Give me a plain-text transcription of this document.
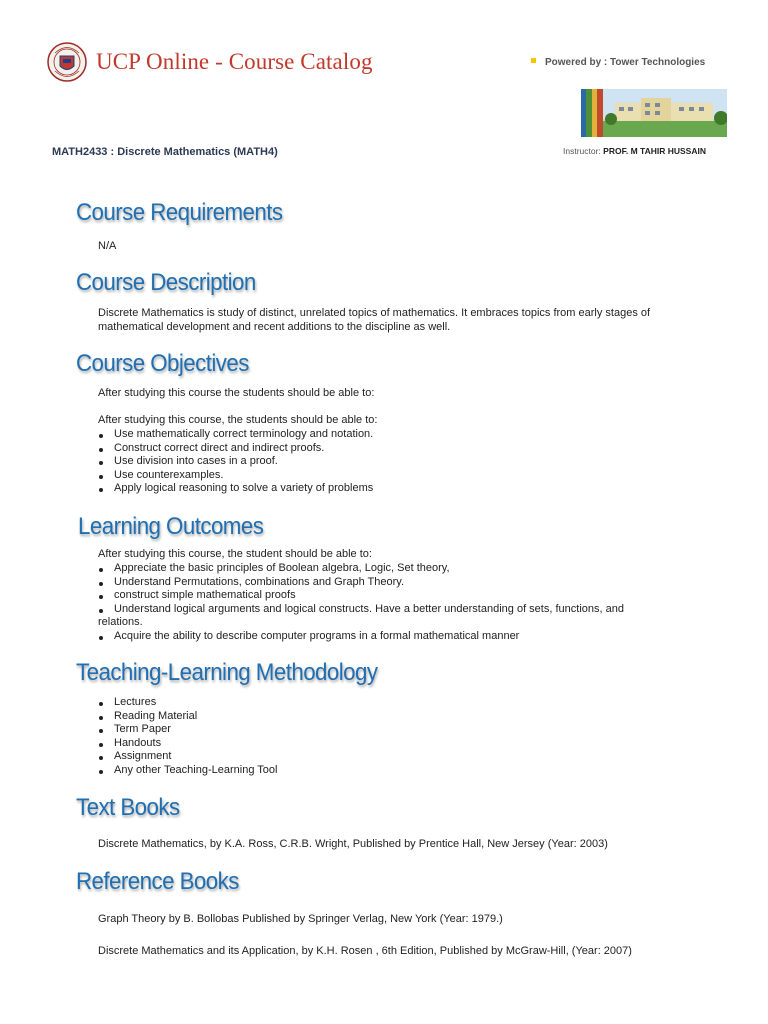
UCP Online - Course Catalog	Powered by : Tower Technologies
MATH2433 : Discrete Mathematics (MATH4)	Instructor: PROF. M TAHIR HUSSAIN
Course Requirements
N/A
Course Description
Discrete Mathematics is study of distinct, unrelated topics of mathematics. It embraces topics from early stages of mathematical development and recent additions to the discipline as well.
Course Objectives
After studying this course the students should be able to:
After studying this course, the students should be able to:
Use mathematically correct terminology and notation.
Construct correct direct and indirect proofs.
Use division into cases in a proof.
Use counterexamples.
Apply logical reasoning to solve a variety of problems
Learning Outcomes
After studying this course, the student should be able to:
Appreciate the basic principles of Boolean algebra, Logic, Set theory,
Understand Permutations, combinations and Graph Theory.
construct simple mathematical proofs
Understand logical arguments and logical constructs. Have a better understanding of sets, functions, and relations.
Acquire the ability to describe computer programs in a formal mathematical manner
Teaching-Learning Methodology
Lectures
Reading Material
Term Paper
Handouts
Assignment
Any other Teaching-Learning Tool
Text Books
Discrete Mathematics, by K.A. Ross, C.R.B. Wright, Published by Prentice Hall, New Jersey (Year: 2003)
Reference Books
Graph Theory by B. Bollobas Published by Springer Verlag, New York (Year: 1979.)
Discrete Mathematics and its Application, by K.H. Rosen , 6th Edition, Published by McGraw-Hill, (Year: 2007)
